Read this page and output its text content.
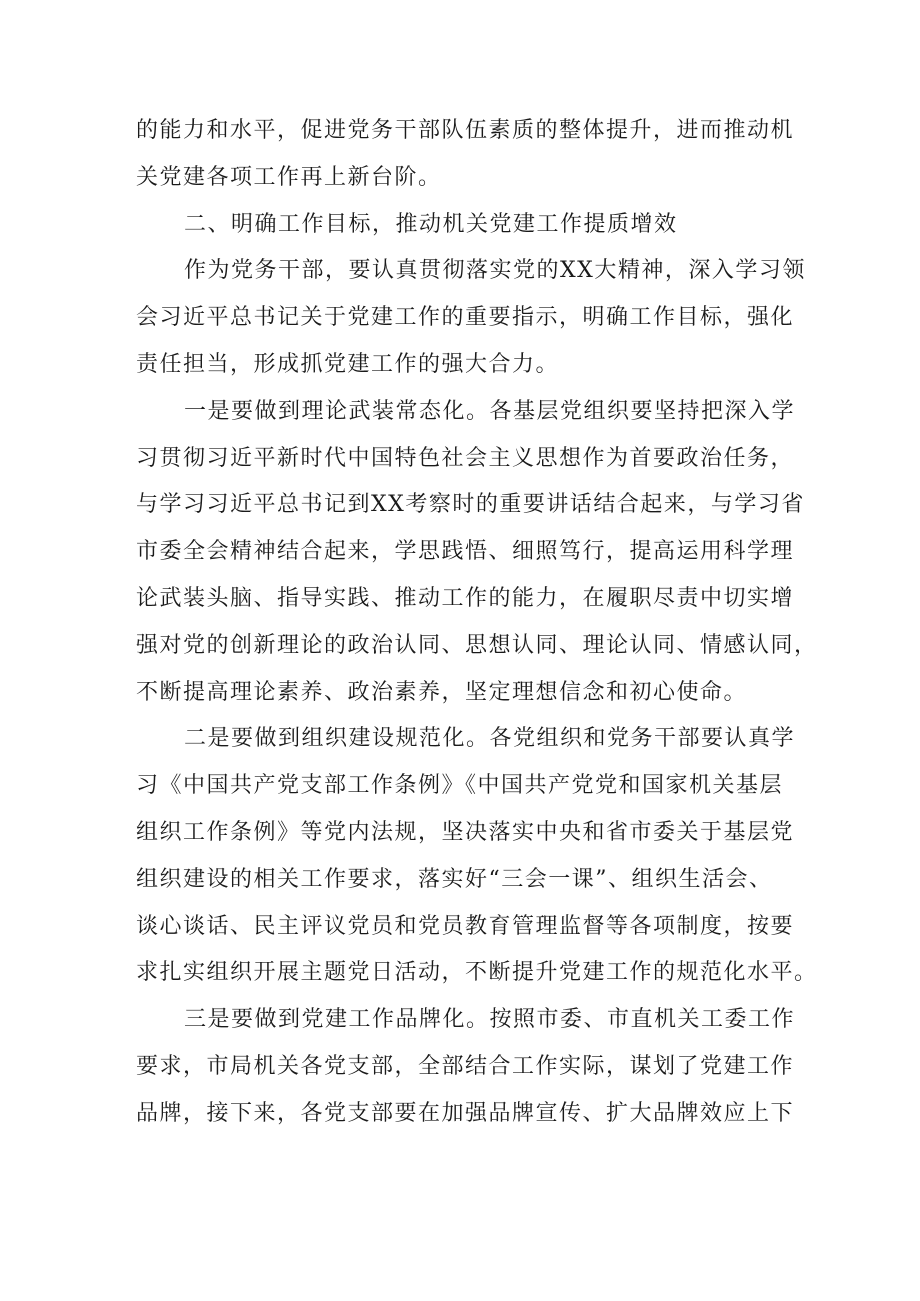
的能力和水平，促进党务干部队伍素质的整体提升，进而推动机
关党建各项工作再上新台阶。
二、明确工作目标，推动机关党建工作提质增效
作为党务干部，要认真贯彻落实党的XX大精神，深入学习领
会习近平总书记关于党建工作的重要指示，明确工作目标，强化
责任担当，形成抓党建工作的强大合力。
一是要做到理论武装常态化。各基层党组织要坚持把深入学
习贯彻习近平新时代中国特色社会主义思想作为首要政治任务，
与学习习近平总书记到XX考察时的重要讲话结合起来，与学习省
市委全会精神结合起来，学思践悟、细照笃行，提高运用科学理
论武装头脑、指导实践、推动工作的能力，在履职尽责中切实增
强对党的创新理论的政治认同、思想认同、理论认同、情感认同，
不断提高理论素养、政治素养，坚定理想信念和初心使命。
二是要做到组织建设规范化。各党组织和党务干部要认真学
习《中国共产党支部工作条例》《中国共产党党和国家机关基层
组织工作条例》等党内法规，坚决落实中央和省市委关于基层党
组织建设的相关工作要求，落实好“三会一课”、组织生活会、
谈心谈话、民主评议党员和党员教育管理监督等各项制度，按要
求扎实组织开展主题党日活动，不断提升党建工作的规范化水平。
三是要做到党建工作品牌化。按照市委、市直机关工委工作
要求，市局机关各党支部，全部结合工作实际，谋划了党建工作
品牌，接下来，各党支部要在加强品牌宣传、扩大品牌效应上下
